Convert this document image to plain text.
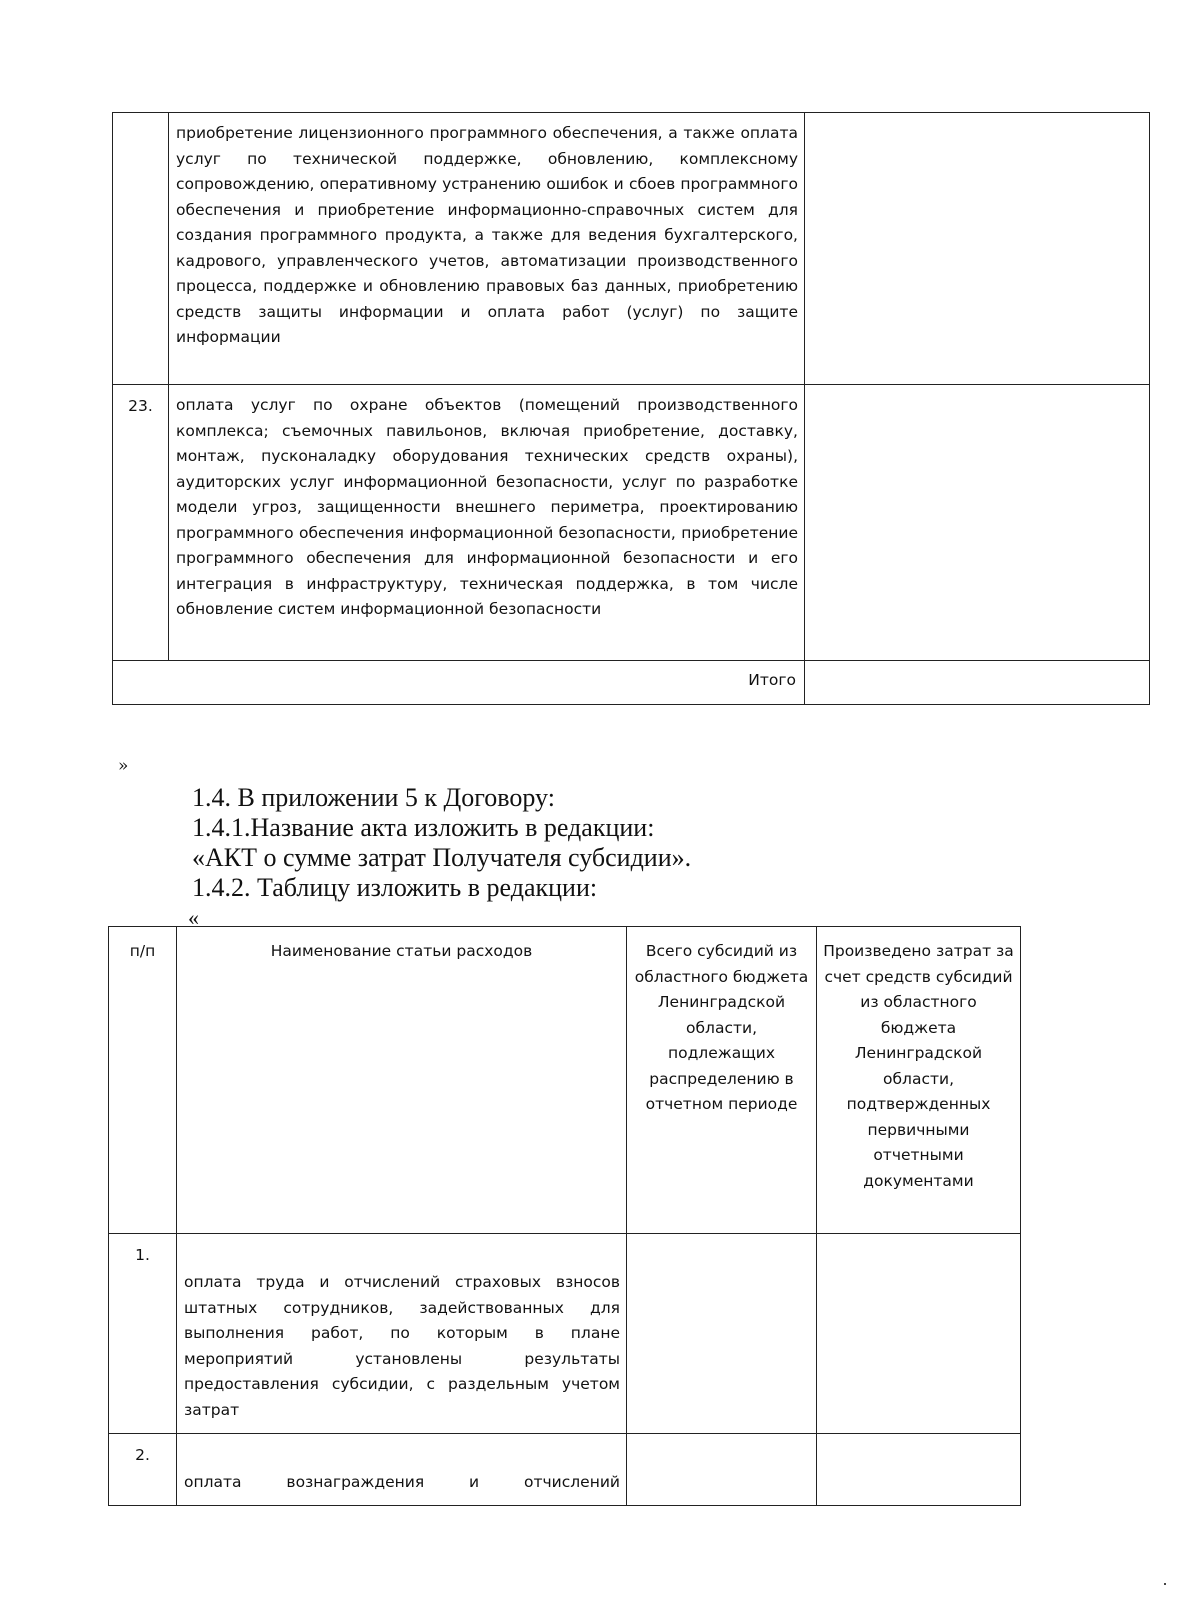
	приобретение лицензионного программного обеспечения, а также оплата услуг по технической поддержке, обновлению, комплексному сопровождению, оперативному устранению ошибок и сбоев программного обеспечения и приобретение информационно-справочных систем для создания программного продукта, а также для ведения бухгалтерского, кадрового, управленческого учетов, автоматизации производственного процесса, поддержке и обновлению правовых баз данных, приобретению средств защиты информации и оплата работ (услуг) по защите информации	

23.	оплата услуг по охране объектов (помещений производственного комплекса; съемочных павильонов, включая приобретение, доставку, монтаж, пусконаладку оборудования технических средств охраны), аудиторских услуг информационной безопасности, услуг по разработке модели угроз, защищенности внешнего периметра, проектированию программного обеспечения информационной безопасности, приобретение программного обеспечения для информационной безопасности и его интеграция в инфраструктуру, техническая поддержка, в том числе обновление систем информационной безопасности	

Итого		
»
1.4. В приложении 5 к Договору:
1.4.1.Название акта изложить в редакции:
«АКТ о сумме затрат Получателя субсидии».
1.4.2. Таблицу изложить в редакции:
«
п/п	Наименование статьи расходов	Всего субсидий из областного бюджета Ленинградской области, подлежащих распределению в отчетном периоде	Произведено затрат за счет средств субсидий из областного бюджета Ленинградской области, подтвержденных первичными отчетными документами
1.	оплата труда и отчислений страховых взносов штатных сотрудников, задействованных для выполнения работ, по которым в плане мероприятий установлены результаты предоставления субсидии, с раздельным учетом затрат		

2.	оплата вознаграждения и отчислений		
